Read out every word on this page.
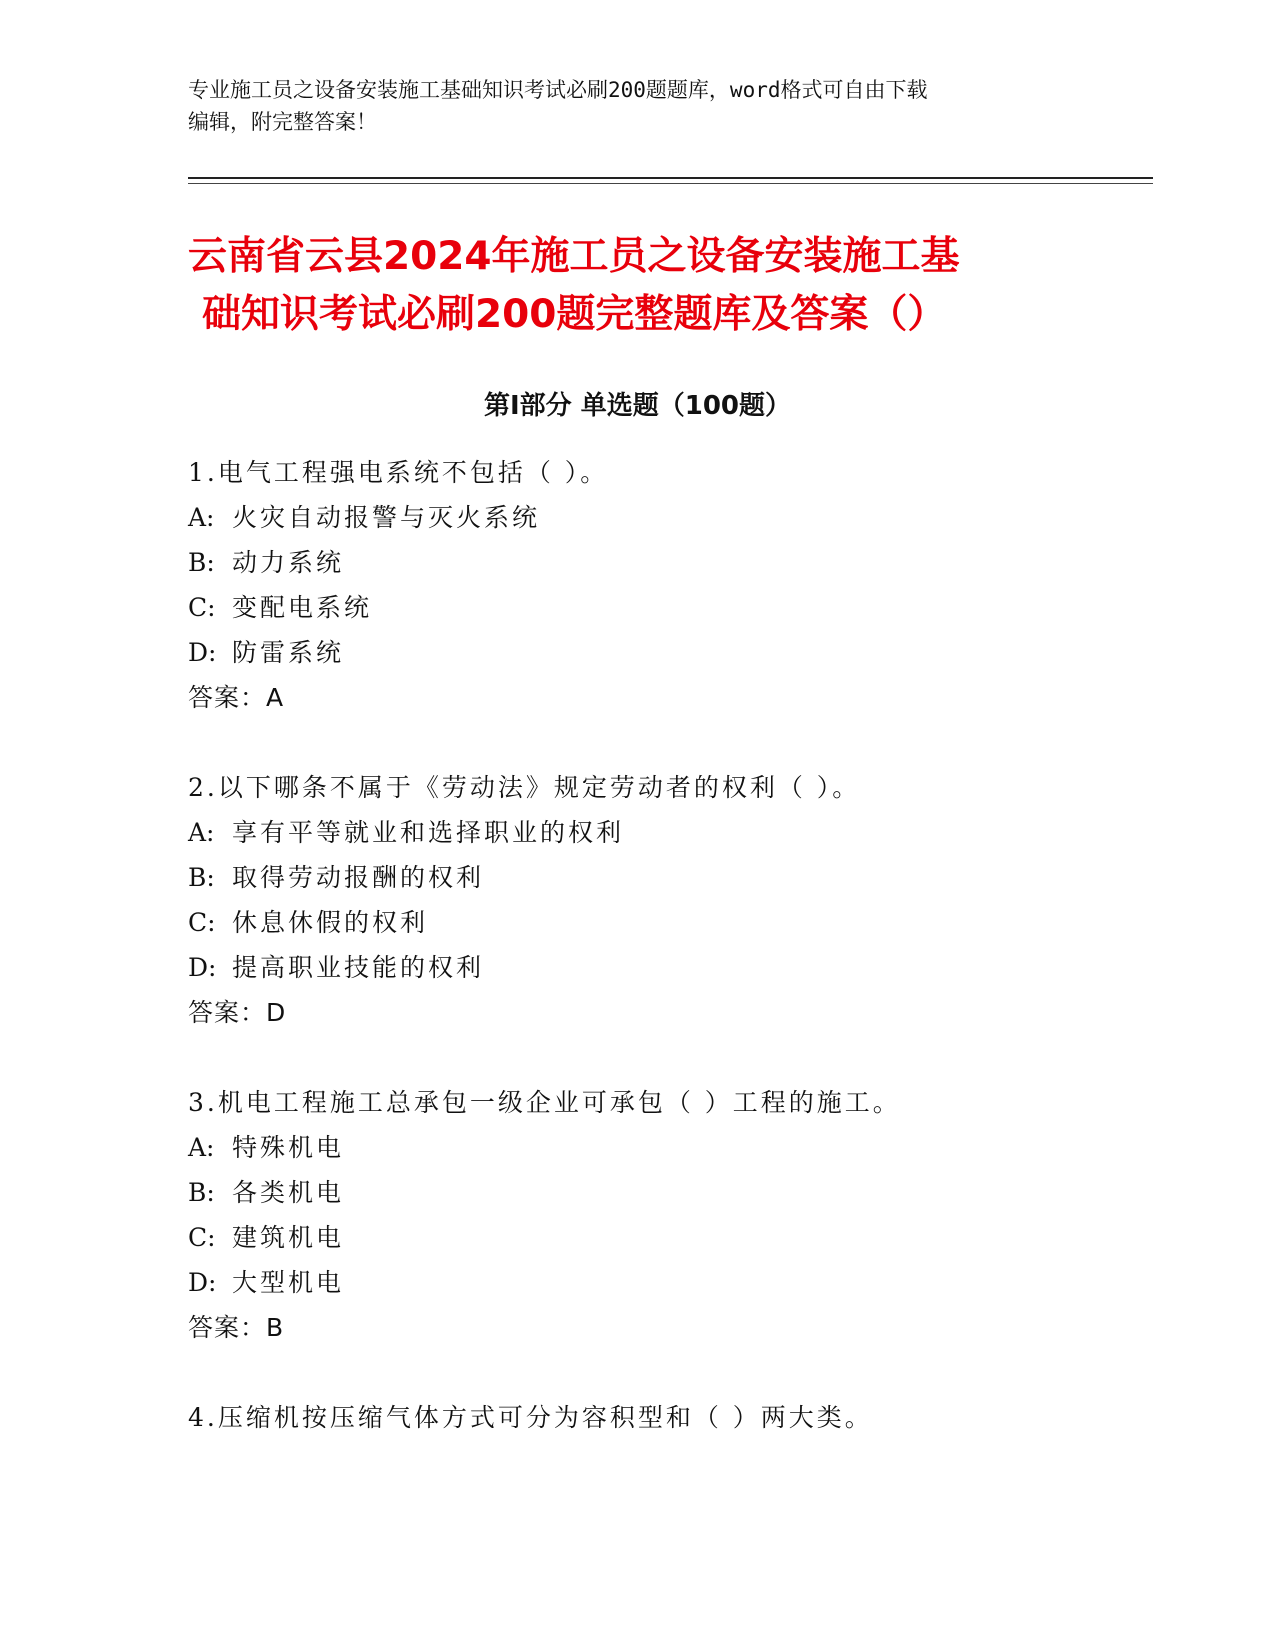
专业施工员之设备安装施工基础知识考试必刷200题题库，word格式可自由下载
编辑，附完整答案！
云南省云县2024年施工员之设备安装施工基
础知识考试必刷200题完整题库及答案（）
第Ⅰ部分 单选题（100题）
1.电气工程强电系统不包括（ ）。
A: 火灾自动报警与灭火系统
B: 动力系统
C: 变配电系统
D: 防雷系统
答案：A
2.以下哪条不属于《劳动法》规定劳动者的权利（ ）。
A: 享有平等就业和选择职业的权利
B: 取得劳动报酬的权利
C: 休息休假的权利
D: 提高职业技能的权利
答案：D
3.机电工程施工总承包一级企业可承包（ ）工程的施工。
A: 特殊机电
B: 各类机电
C: 建筑机电
D: 大型机电
答案：B
4.压缩机按压缩气体方式可分为容积型和（ ）两大类。
